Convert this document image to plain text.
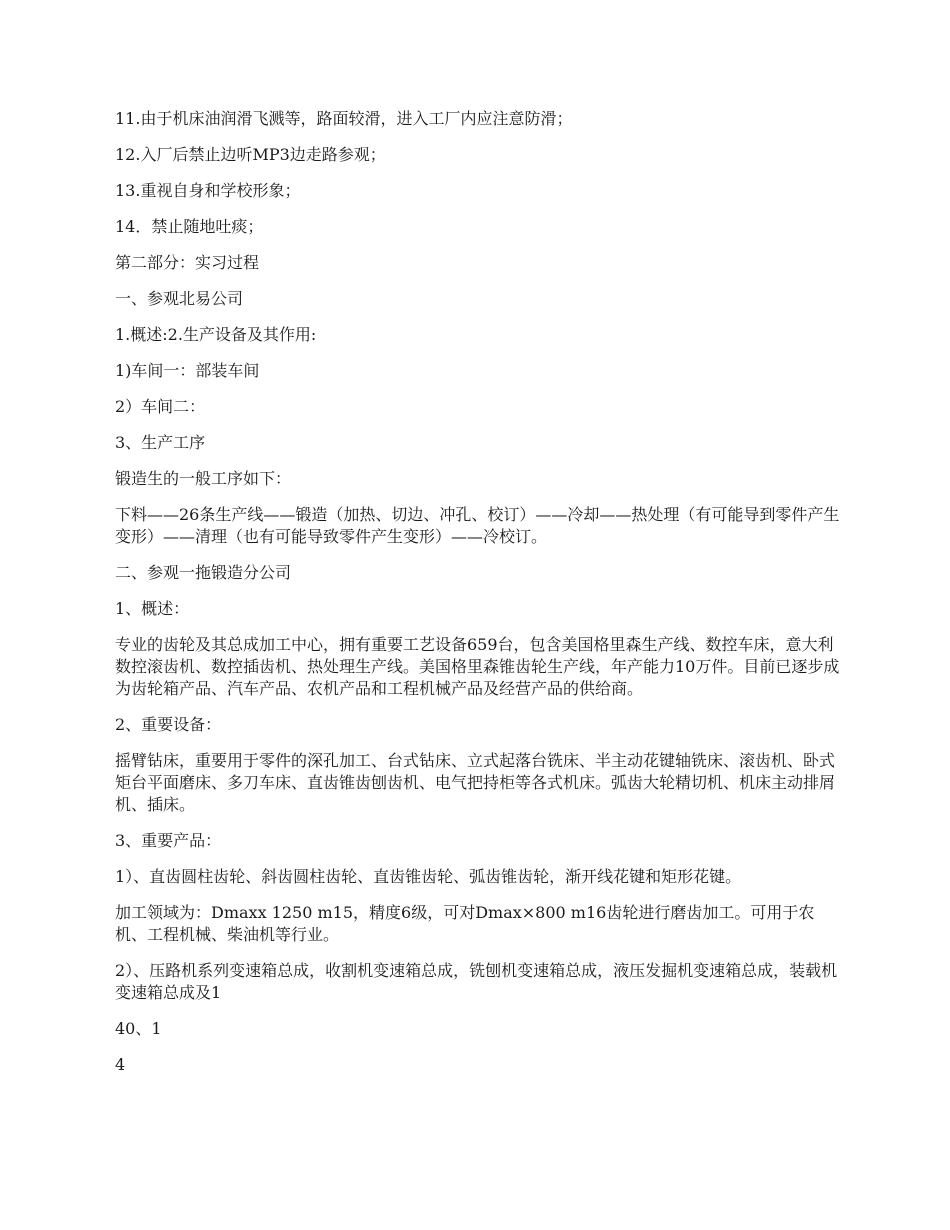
11.由于机床油润滑飞溅等，路面较滑，进入工厂内应注意防滑；

12.入厂后禁止边听MP3边走路参观；

13.重视自身和学校形象；

14．禁止随地吐痰；

第二部分：实习过程

一、参观北易公司

1.概述:2.生产设备及其作用:

1)车间一：部装车间

2）车间二：

3、生产工序

锻造生的一般工序如下：

下料——26条生产线——锻造（加热、切边、冲孔、校订）——冷却——热处理（有可能导到零件产生变形）——清理（也有可能导致零件产生变形）——冷校订。

二、参观一拖锻造分公司

1、概述：

专业的齿轮及其总成加工中心，拥有重要工艺设备659台，包含美国格里森生产线、数控车床，意大利数控滚齿机、数控插齿机、热处理生产线。美国格里森锥齿轮生产线，年产能力10万件。目前已逐步成为齿轮箱产品、汽车产品、农机产品和工程机械产品及经营产品的供给商。

2、重要设备：

摇臂钻床，重要用于零件的深孔加工、台式钻床、立式起落台铣床、半主动花键轴铣床、滚齿机、卧式矩台平面磨床、多刀车床、直齿锥齿刨齿机、电气把持柜等各式机床。弧齿大轮精切机、机床主动排屑机、插床。

3、重要产品：

1）、直齿圆柱齿轮、斜齿圆柱齿轮、直齿锥齿轮、弧齿锥齿轮，渐开线花键和矩形花键。

加工领域为：Dmaxx 1250 m15，精度6级，可对Dmax×800 m16齿轮进行磨齿加工。可用于农机、工程机械、柴油机等行业。

2）、压路机系列变速箱总成，收割机变速箱总成，铣刨机变速箱总成，液压发掘机变速箱总成，装载机变速箱总成及1

40、1

4
